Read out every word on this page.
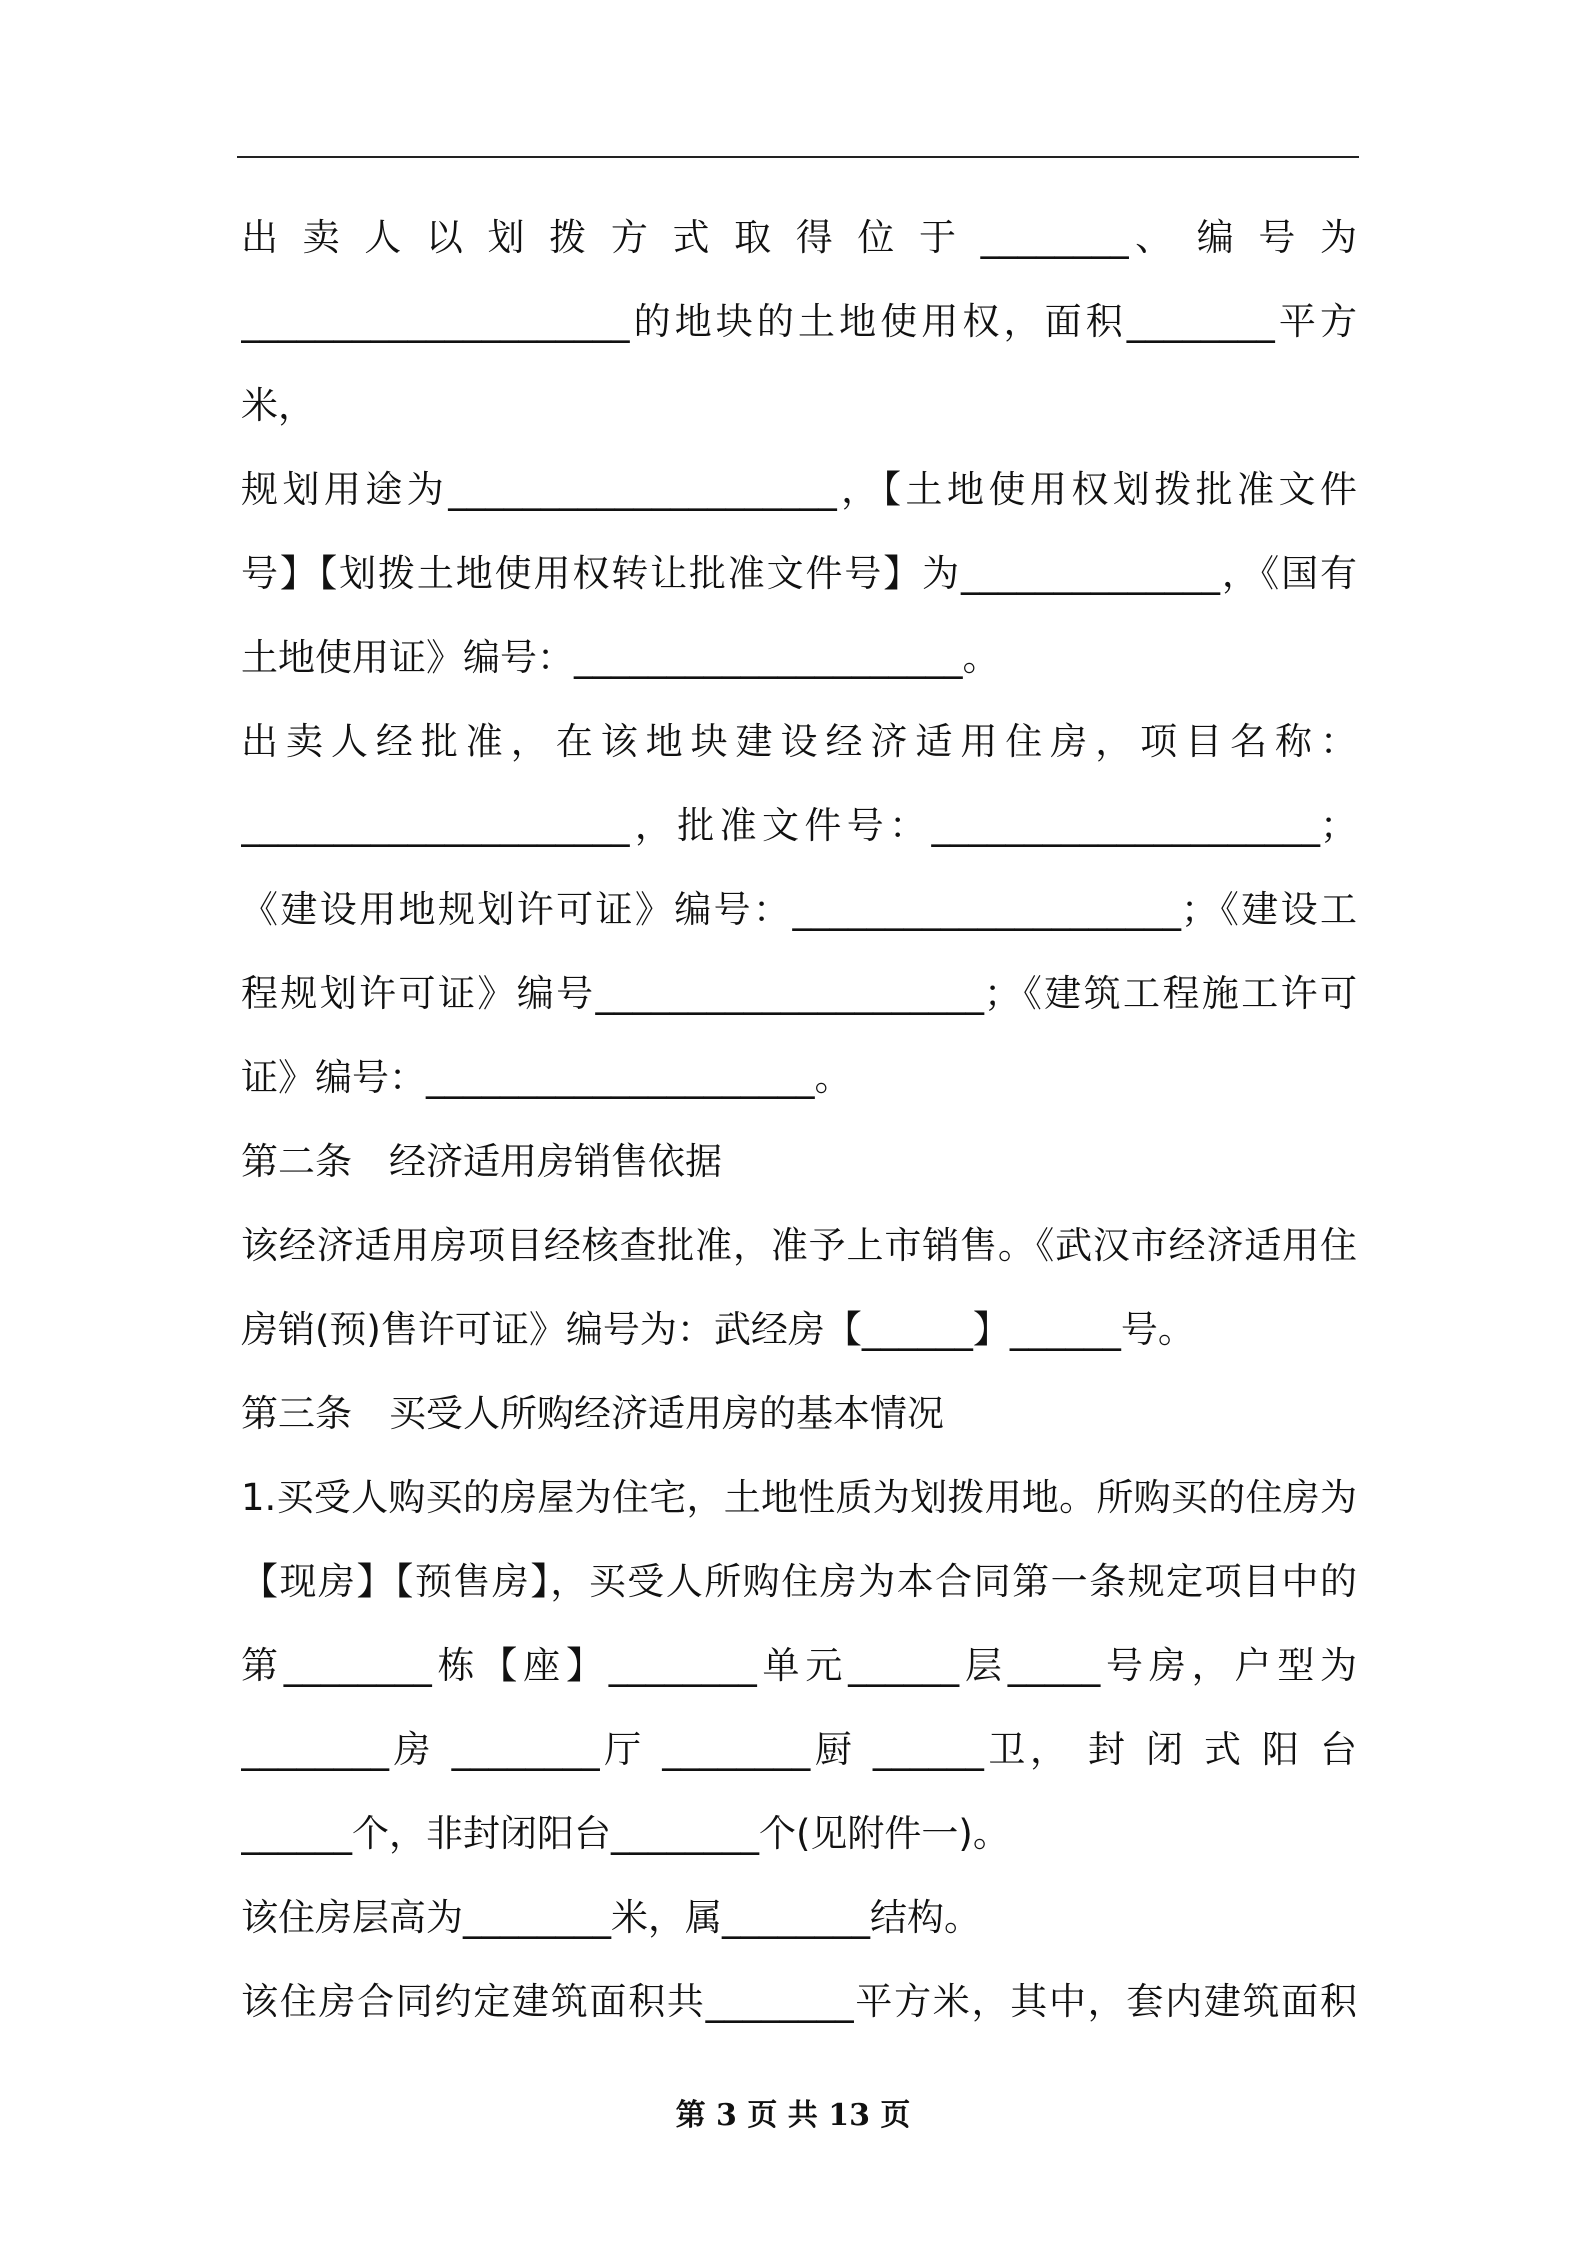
出 卖 人 以 划 拨 方 式 取 得 位 于 ________、 编 号 为
_____________________的地块的土地使用权，面积________平方
米，
规划用途为_____________________，【土地使用权划拨批准文件
号】【划拨土地使用权转让批准文件号】为______________，《国有
土地使用证》编号：_____________________。
出卖人经批准，在该地块建设经济适用住房，项目名称：
_____________________，批准文件号：_____________________；
《建设用地规划许可证》编号：_____________________；《建设工
程规划许可证》编号_____________________；《建筑工程施工许可
证》编号：_____________________。
第二条　经济适用房销售依据
该经济适用房项目经核查批准，准予上市销售。《武汉市经济适用住
房销(预)售许可证》编号为：武经房【______】______号。
第三条　买受人所购经济适用房的基本情况
1.买受人购买的房屋为住宅，土地性质为划拨用地。所购买的住房为
【现房】【预售房】，买受人所购住房为本合同第一条规定项目中的
第________栋【座】________单元______层_____号房，户型为
________房 ________厅 ________厨 ______卫， 封 闭 式 阳 台
______个，非封闭阳台________个(见附件一)。
该住房层高为________米，属________结构。
该住房合同约定建筑面积共________平方米，其中，套内建筑面积
第 3 页 共 13 页
